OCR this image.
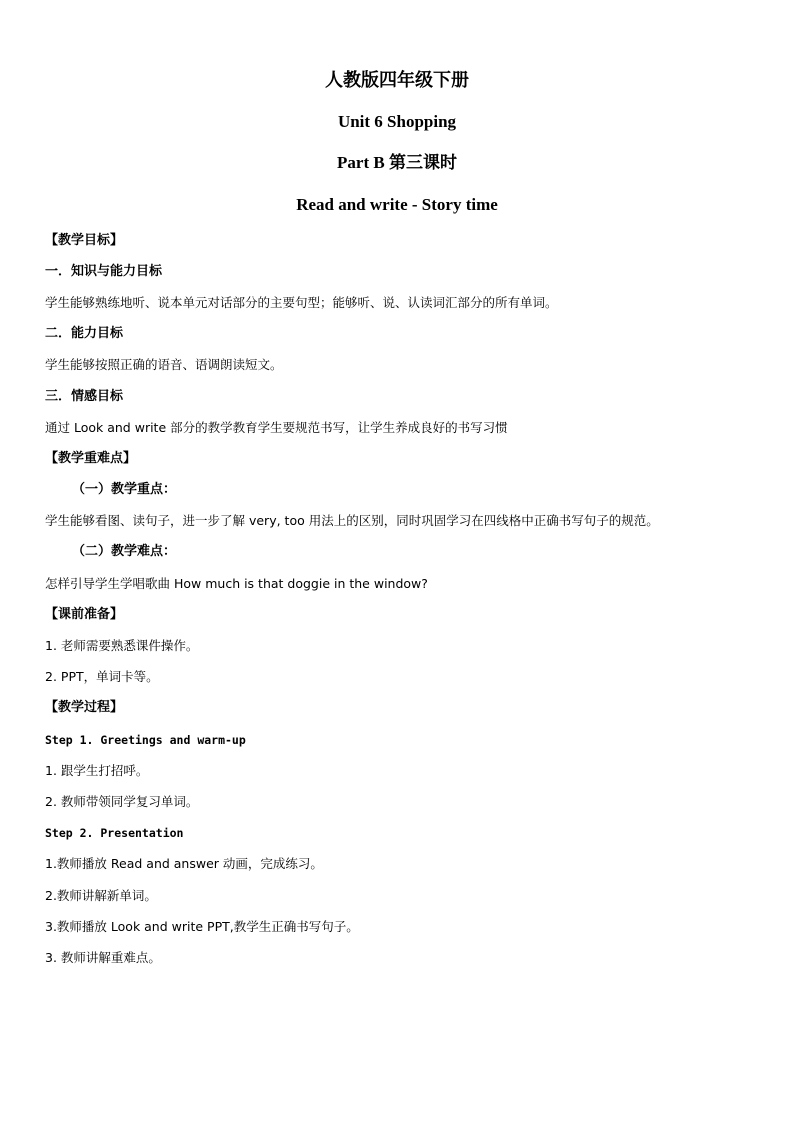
人教版四年级下册
Unit 6 Shopping
Part B 第三课时
Read and write - Story time
【教学目标】
一．知识与能力目标
学生能够熟练地听、说本单元对话部分的主要句型；能够听、说、认读词汇部分的所有单词。
二．能力目标
学生能够按照正确的语音、语调朗读短文。
三．情感目标
通过 Look and write 部分的教学教育学生要规范书写，让学生养成良好的书写习惯
【教学重难点】
（一）教学重点：
学生能够看图、读句子，进一步了解 very, too 用法上的区别，同时巩固学习在四线格中正确书写句子的规范。
（二）教学难点：
怎样引导学生学唱歌曲 How much is that doggie in the window?
【课前准备】
1. 老师需要熟悉课件操作。
2. PPT，单词卡等。
【教学过程】
Step 1. Greetings and warm-up
1. 跟学生打招呼。
2. 教师带领同学复习单词。
Step 2. Presentation
1.教师播放 Read and answer 动画，完成练习。
2.教师讲解新单词。
3.教师播放 Look and write PPT,教学生正确书写句子。
3. 教师讲解重难点。
